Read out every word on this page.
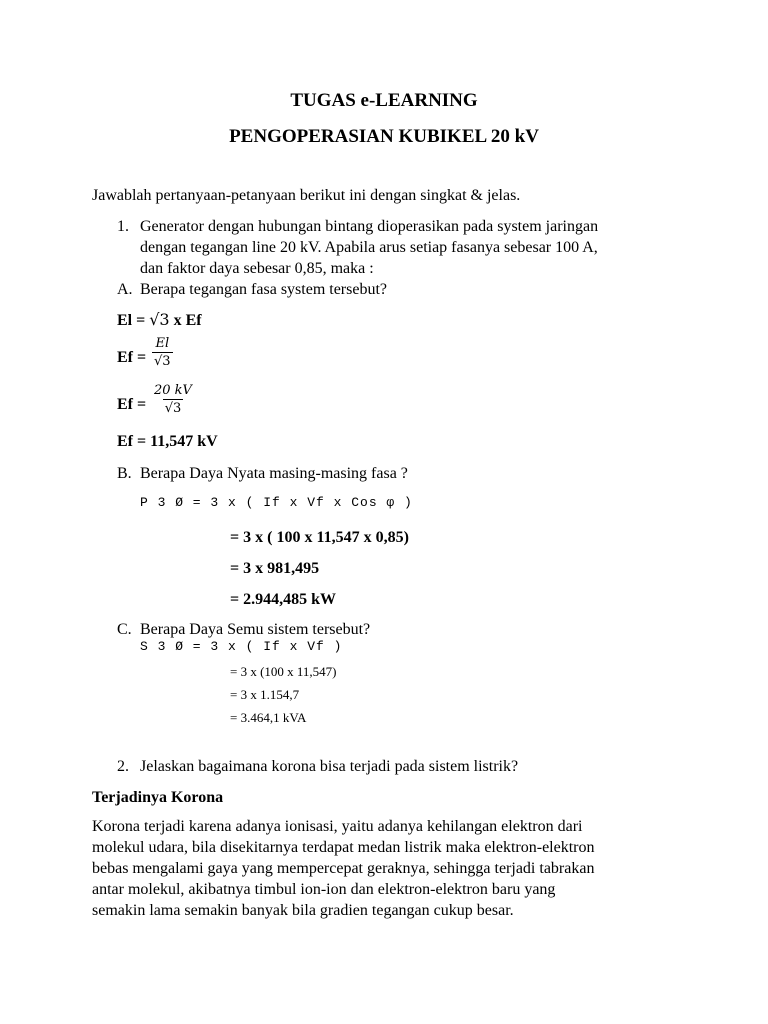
TUGAS e-LEARNING
PENGOPERASIAN KUBIKEL 20 kV
Jawablah pertanyaan-petanyaan berikut ini dengan singkat & jelas.
1. Generator dengan hubungan bintang dioperasikan pada system jaringan
dengan tegangan line 20 kV. Apabila arus setiap fasanya sebesar 100 A,
dan faktor daya sebesar 0,85, maka :
A. Berapa tegangan fasa system tersebut?
El = √3 x Ef
$Ef = \frac{El}{√3}$
$Ef = \frac{20 kV}{√3}$
Ef = 11,547 kV
B. Berapa Daya Nyata masing-masing fasa ?
P 3 Ø = 3 x ( If x Vf x Cos φ )
= 3 x ( 100 x 11,547 x 0,85)
= 3 x 981,495
= 2.944,485 kW
C. Berapa Daya Semu sistem tersebut?
S 3 Ø = 3 x ( If x Vf )
= 3 x (100 x 11,547)
= 3 x 1.154,7
= 3.464,1 kVA
2. Jelaskan bagaimana korona bisa terjadi pada sistem listrik?
Terjadinya Korona
Korona terjadi karena adanya ionisasi, yaitu adanya kehilangan elektron dari
molekul udara, bila disekitarnya terdapat medan listrik maka elektron-elektron
bebas mengalami gaya yang mempercepat geraknya, sehingga terjadi tabrakan
antar molekul, akibatnya timbul ion-ion dan elektron-elektron baru yang
semakin lama semakin banyak bila gradien tegangan cukup besar.
